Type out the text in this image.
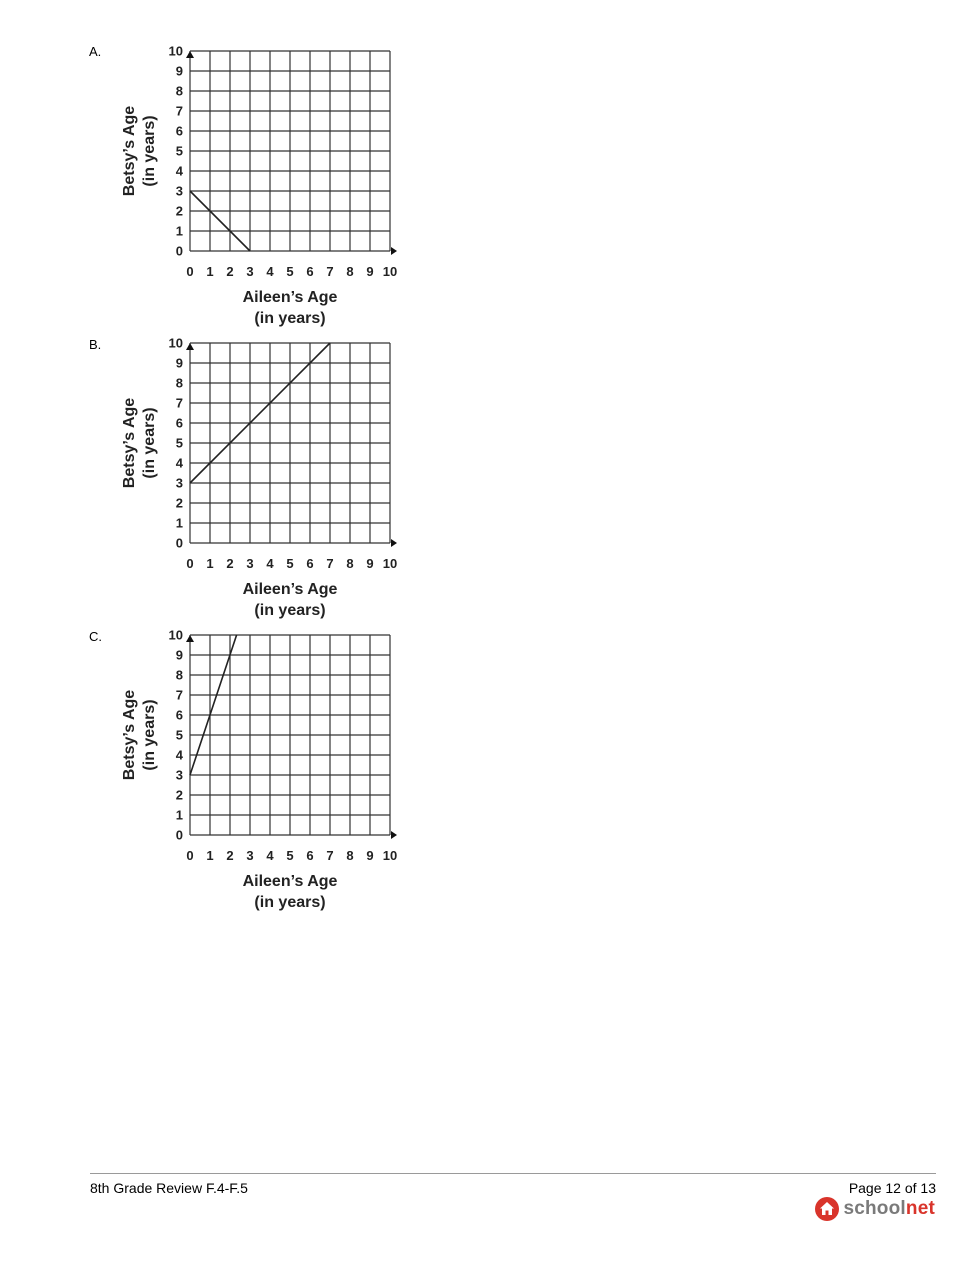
A.
0 1 2 3 4 5 6 7 8 9 10
0
1
2
3
4
5
6
7
8
9
10
Aileen’s Age
(in years)
Betsy’s Age (in years)
B.
0 1 2 3 4 5 6 7 8 9 10
0
1
2
3
4
5
6
7
8
9
10
Aileen’s Age
(in years)
Betsy’s Age (in years)
C.
0 1 2 3 4 5 6 7 8 9 10
0
1
2
3
4
5
6
7
8
9
10
Aileen’s Age
(in years)
Betsy’s Age (in years)
8th Grade Review F.4-F.5	Page 12 of 13
schoolnet
